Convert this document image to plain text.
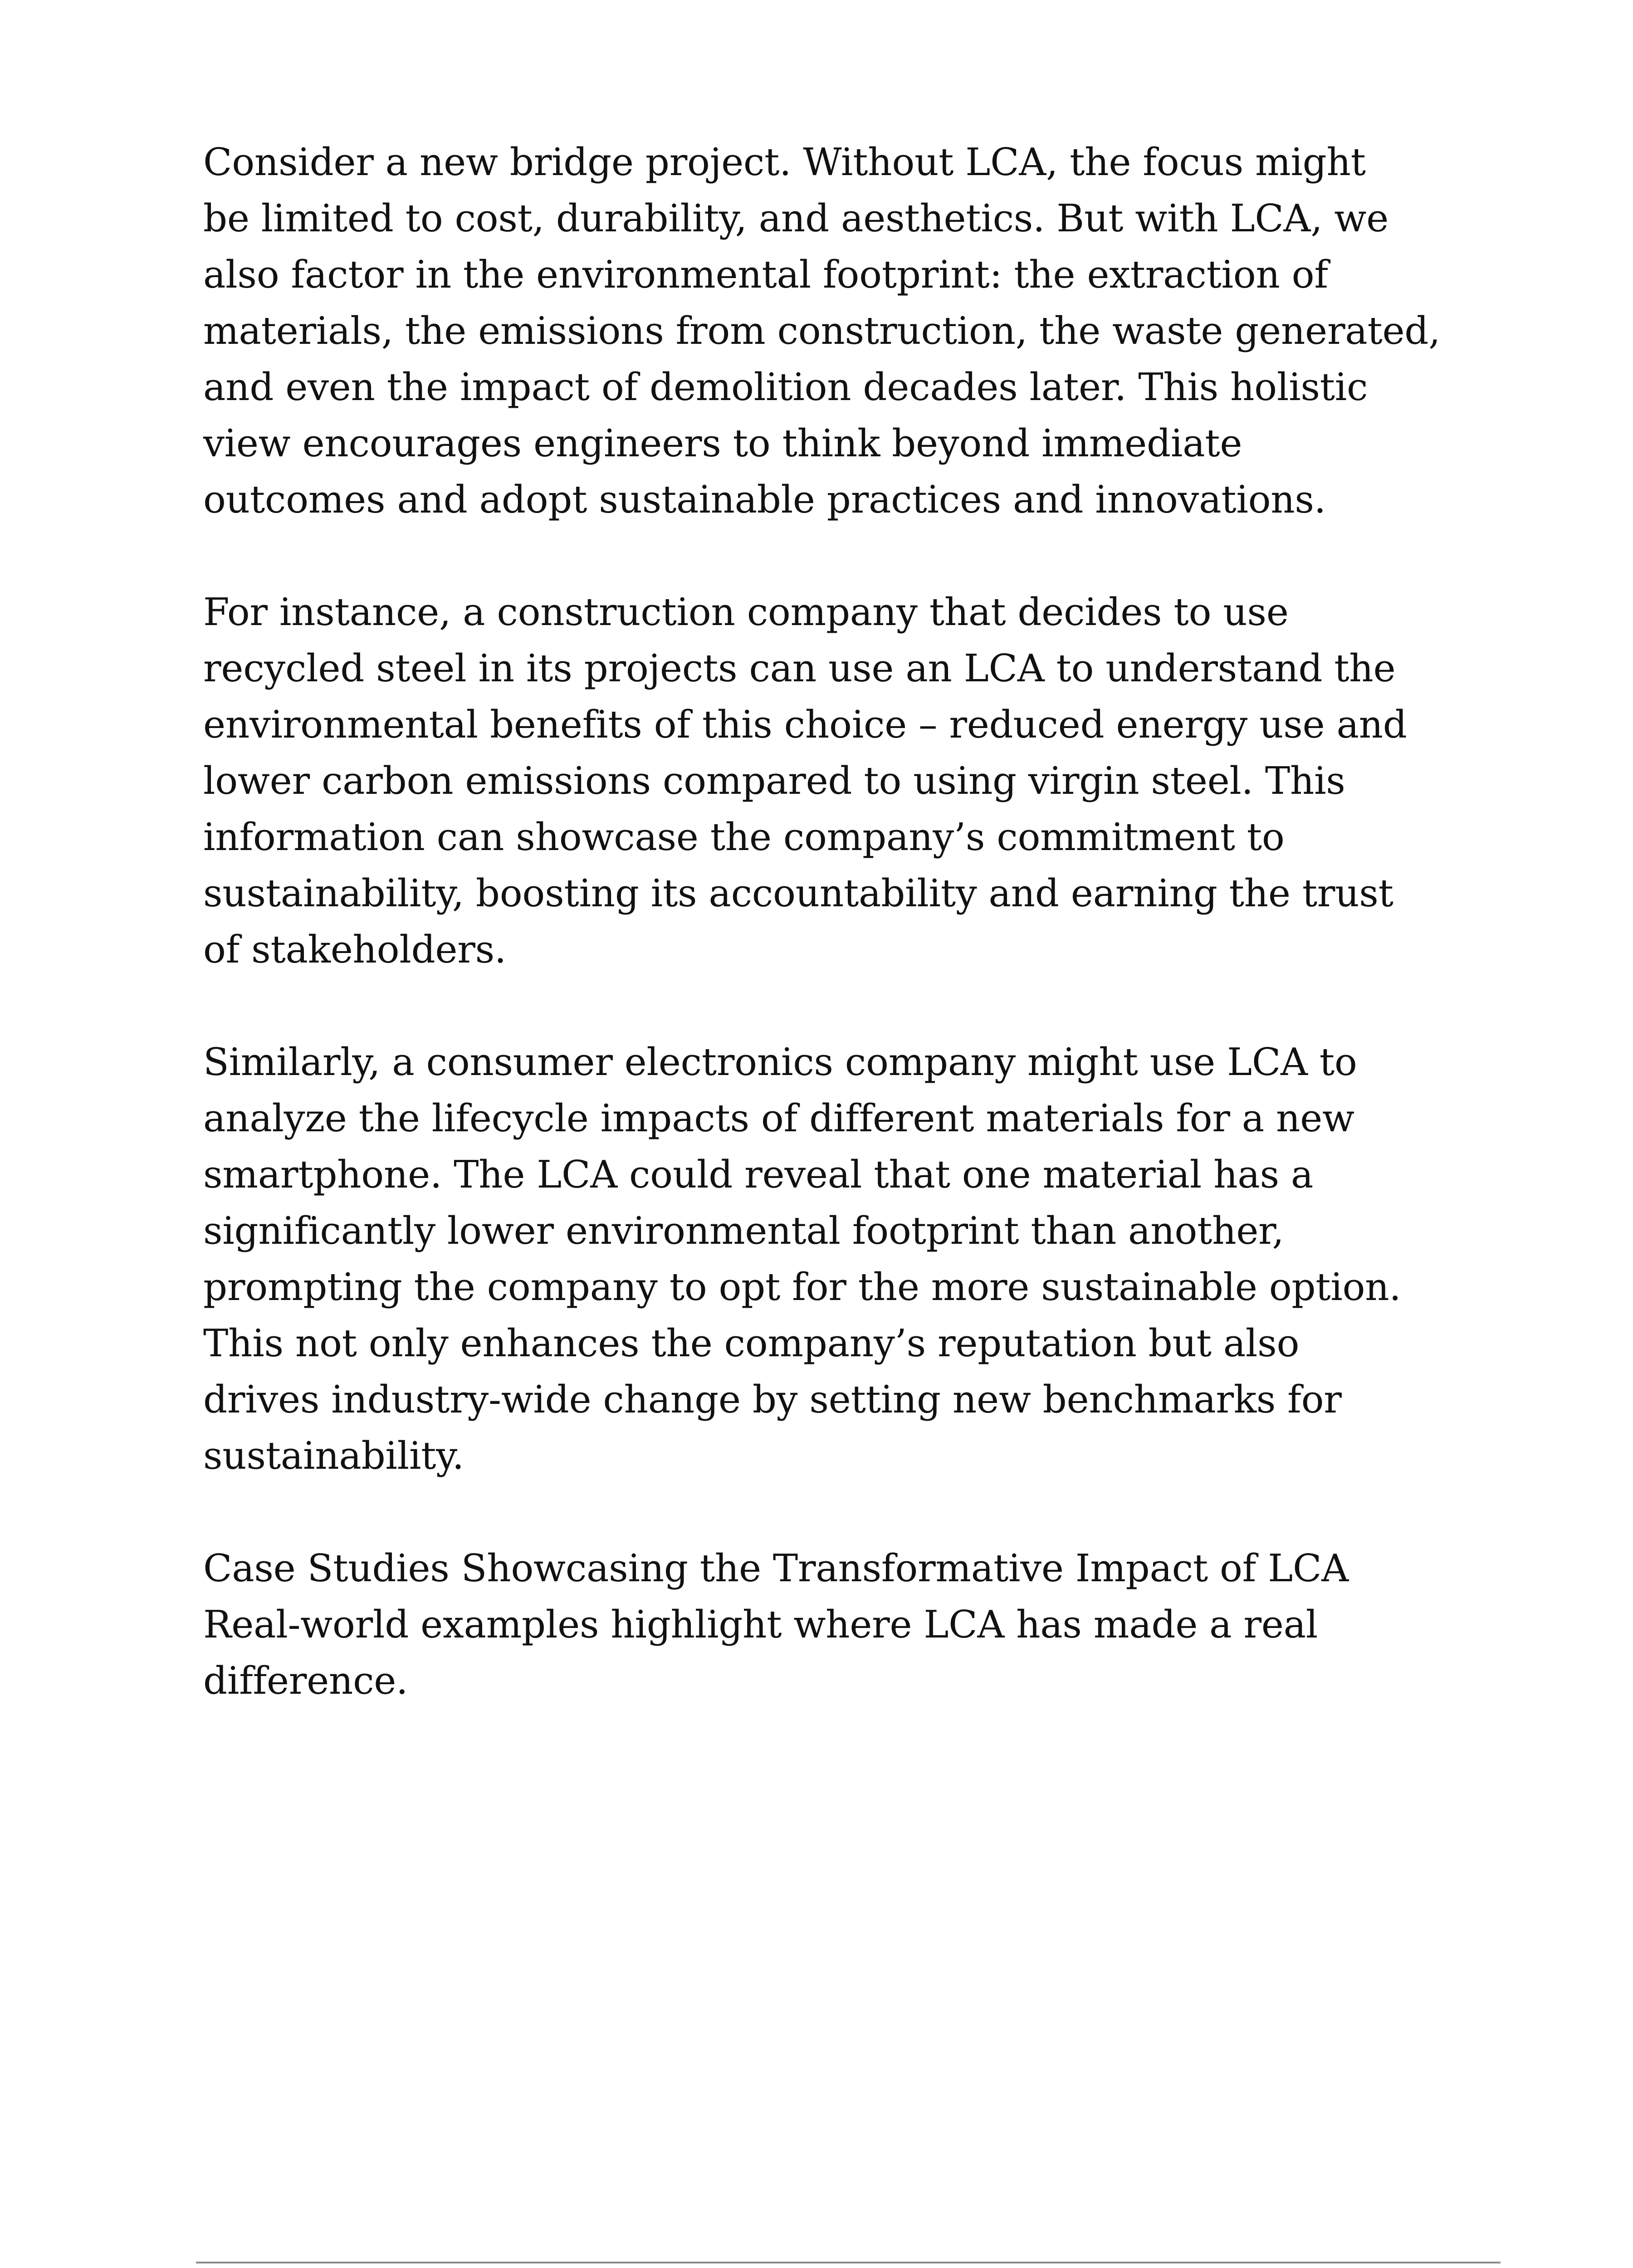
Consider a new bridge project. Without LCA, the focus might
be limited to cost, durability, and aesthetics. But with LCA, we
also factor in the environmental footprint: the extraction of
materials, the emissions from construction, the waste generated,
and even the impact of demolition decades later. This holistic
view encourages engineers to think beyond immediate
outcomes and adopt sustainable practices and innovations.

For instance, a construction company that decides to use
recycled steel in its projects can use an LCA to understand the
environmental benefits of this choice – reduced energy use and
lower carbon emissions compared to using virgin steel. This
information can showcase the company’s commitment to
sustainability, boosting its accountability and earning the trust
of stakeholders.

Similarly, a consumer electronics company might use LCA to
analyze the lifecycle impacts of different materials for a new
smartphone. The LCA could reveal that one material has a
significantly lower environmental footprint than another,
prompting the company to opt for the more sustainable option.
This not only enhances the company’s reputation but also
drives industry-wide change by setting new benchmarks for
sustainability.

Case Studies Showcasing the Transformative Impact of LCA
Real-world examples highlight where LCA has made a real
difference.
